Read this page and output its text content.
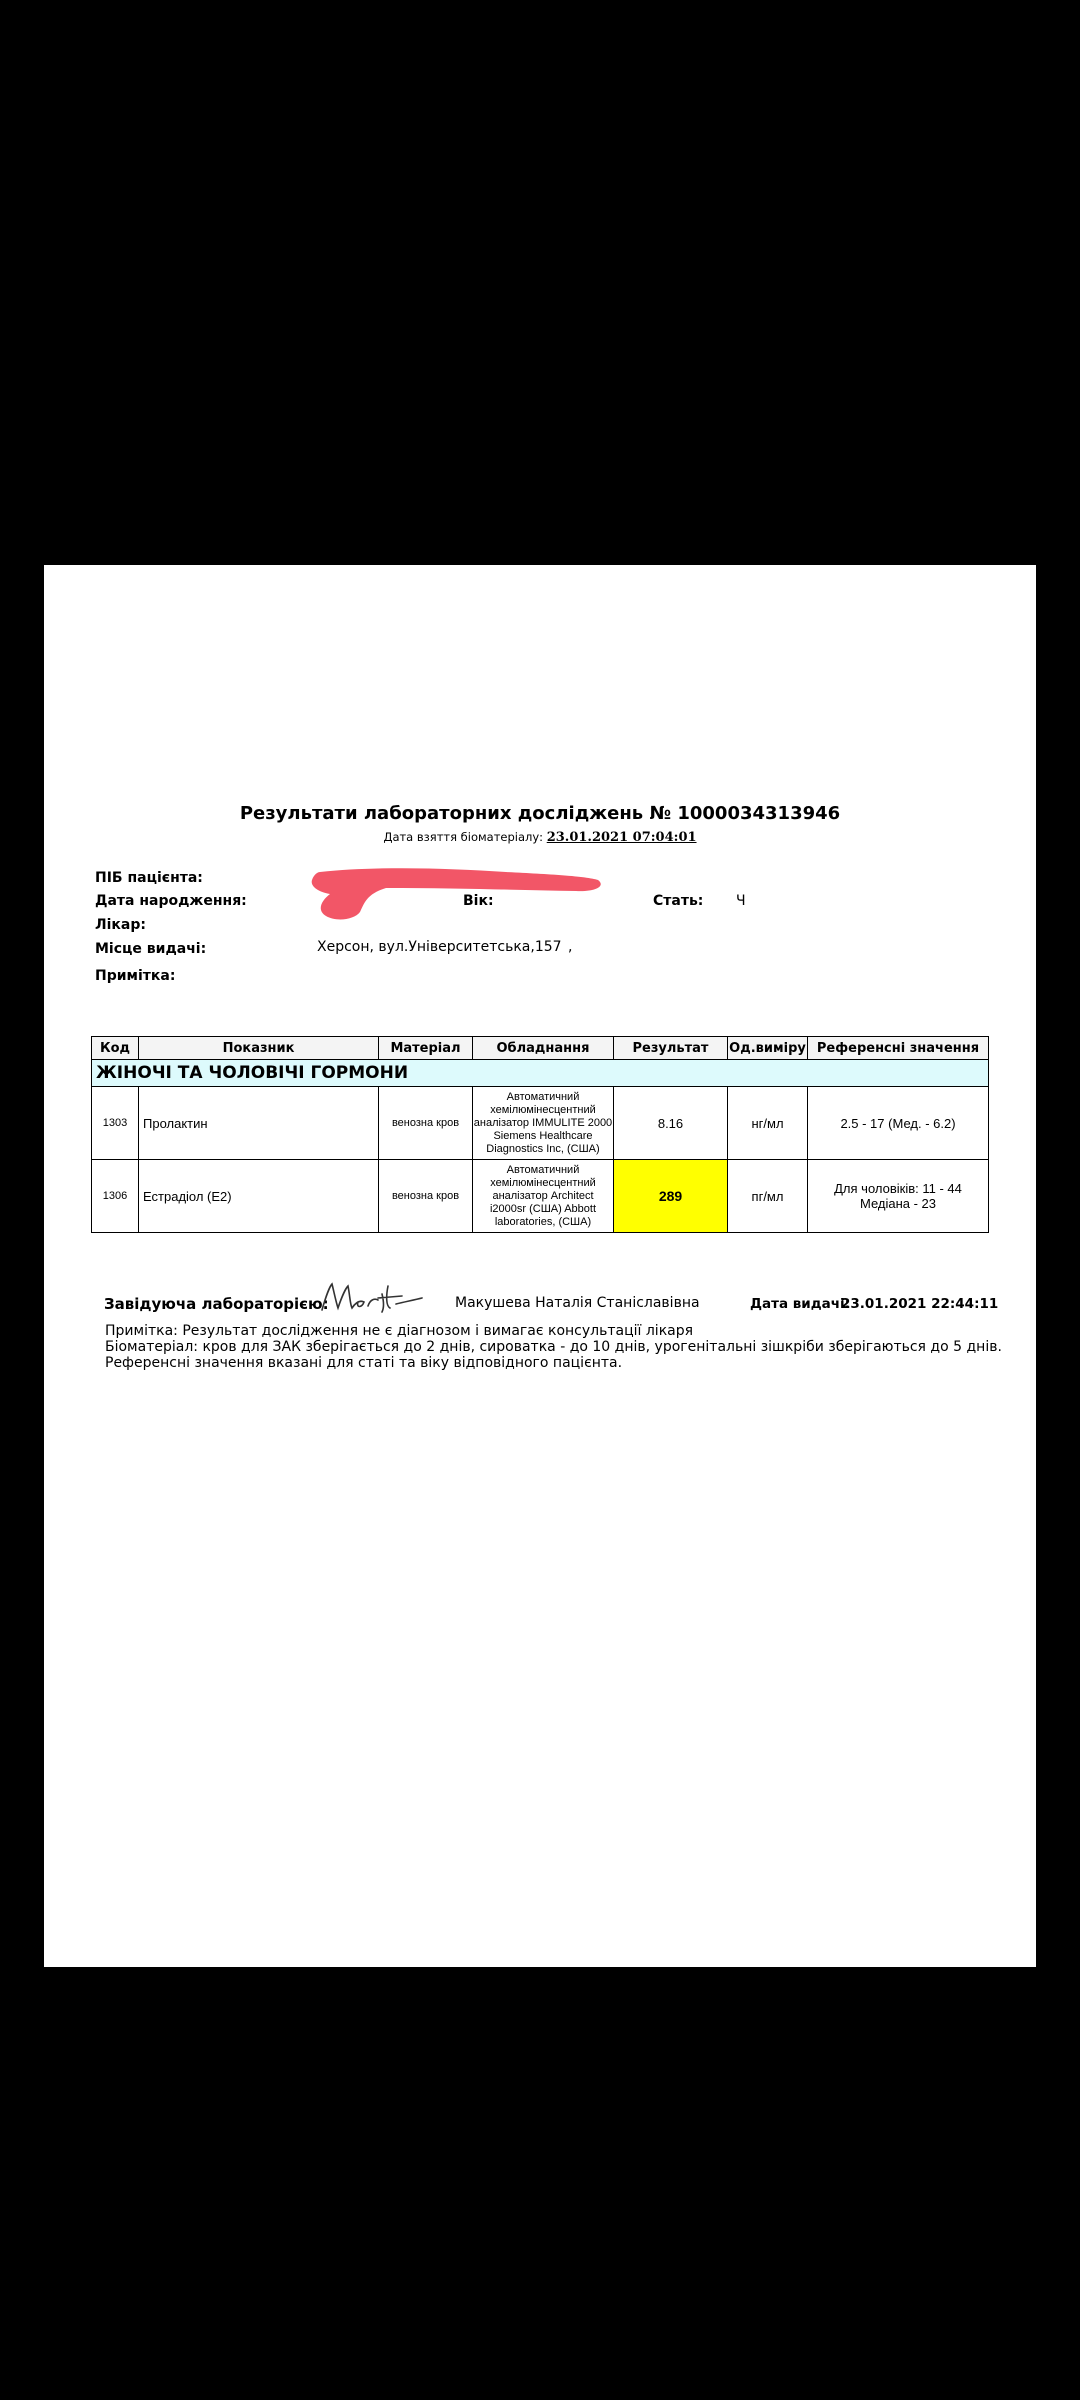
Результати лабораторних досліджень № 1000034313946
Дата взяття біоматеріалу: 23.01.2021 07:04:01
ПІБ пацієнта:
Дата народження:	Вік:	Стать: Ч
Лікар:
Місце видачі:	Херсон, вул.Університетська,157 ,
Примітка:
Код	Показник	Матеріал	Обладнання	Результат	Од.виміру	Референсні значення
ЖІНОЧІ ТА ЧОЛОВІЧІ ГОРМОНИ						
1303	Пролактин	венозна кров	Автоматичний хемілюмінесцентний аналізатор IMMULITE 2000 Siemens Healthcare Diagnostics Inc, (США)	8.16	нг/мл	2.5 - 17 (Мед. - 6.2)
1306	Естрадіол (Е2)	венозна кров	Автоматичний хемілюмінесцентний аналізатор Architect i2000sr (США) Abbott laboratories, (США)	289	пг/мл	Для чоловіків: 11 - 44
Медіана - 23
Завідуюча лабораторією:	Макушева Наталія Станіславівна	Дата видачі:
23.01.2021 22:44:11
Примітка: Результат дослідження не є діагнозом і вимагає консультації лікаря
Біоматеріал: кров для ЗАК зберігається до 2 днів, сироватка - до 10 днів, урогенітальні зішкріби зберігаються до 5 днів.
Референсні значення вказані для статі та віку відповідного пацієнта.
